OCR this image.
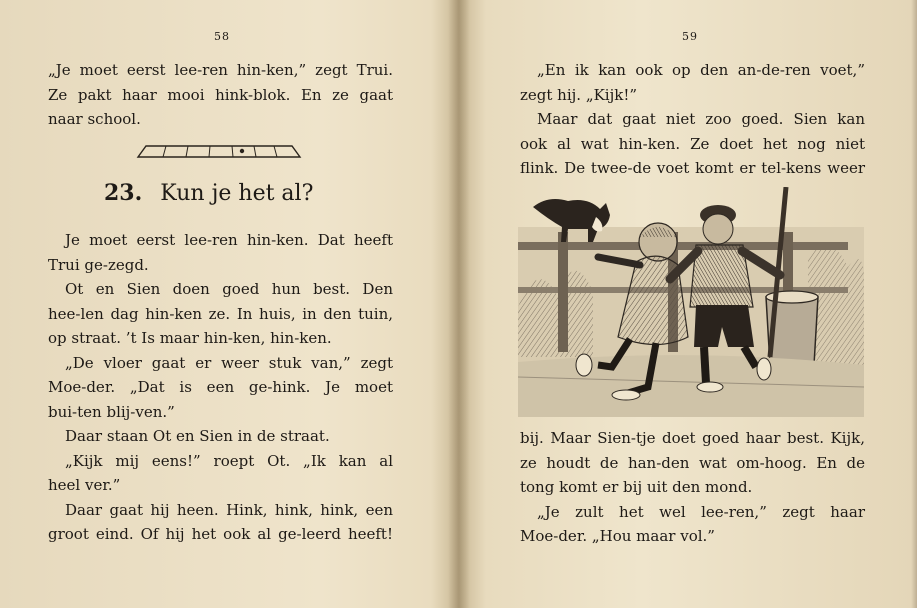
58
„Je moet eerst lee-ren hin-ken,” zegt Trui.
Ze pakt haar mooi hink-blok. En ze gaat
naar school.
23. Kun je het al?
Je moet eerst lee-ren hin-ken. Dat heeft
Trui ge-zegd.
Ot en Sien doen goed hun best. Den
hee-len dag hin-ken ze. In huis, in den tuin,
op straat. ’t Is maar hin-ken, hin-ken.
„De vloer gaat er weer stuk van,” zegt
Moe-der. „Dat is een ge-hink. Je moet
bui-ten blij-ven.”
Daar staan Ot en Sien in de straat.
„Kijk mij eens!” roept Ot. „Ik kan al
heel ver.”
Daar gaat hij heen. Hink, hink, hink, een
groot eind. Of hij het ook al ge-leerd heeft!
59
„En ik kan ook op den an-de-ren voet,”
zegt hij. „Kijk!”
Maar dat gaat niet zoo goed. Sien kan
ook al wat hin-ken. Ze doet het nog niet
flink. De twee-de voet komt er tel-kens weer
bij. Maar Sien-tje doet goed haar best. Kijk,
ze houdt de han-den wat om-hoog. En de
tong komt er bij uit den mond.
„Je zult het wel lee-ren,” zegt haar
Moe-der. „Hou maar vol.”
